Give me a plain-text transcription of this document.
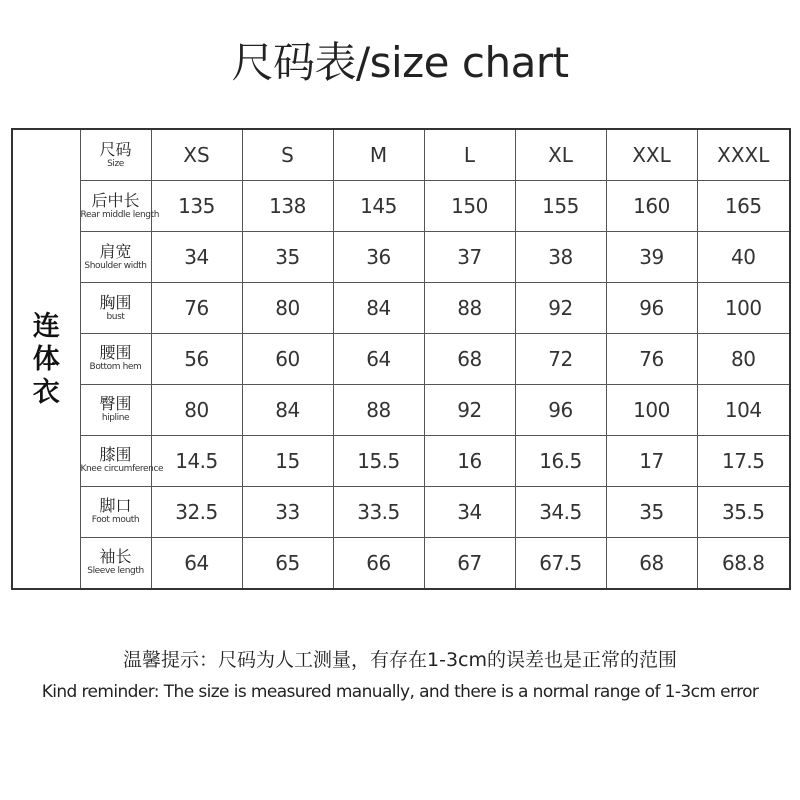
尺码表/size chart
连
体
衣	尺码
Size	XS	S	M	L	XL	XXL	XXXL

	后中长
Rear middle length	135	138	145	150	155	160	165

	肩宽
Shoulder width	34	35	36	37	38	39	40

	胸围
bust	76	80	84	88	92	96	100

	腰围
Bottom hem	56	60	64	68	72	76	80

	臀围
hipline	80	84	88	92	96	100	104

	膝围
Knee circumference	14.5	15	15.5	16	16.5	17	17.5

	脚口
Foot mouth	32.5	33	33.5	34	34.5	35	35.5

	袖长
Sleeve length	64	65	66	67	67.5	68	68.8
温馨提示：尺码为人工测量，有存在1-3cm的误差也是正常的范围
Kind reminder: The size is measured manually, and there is a normal range of 1-3cm error
